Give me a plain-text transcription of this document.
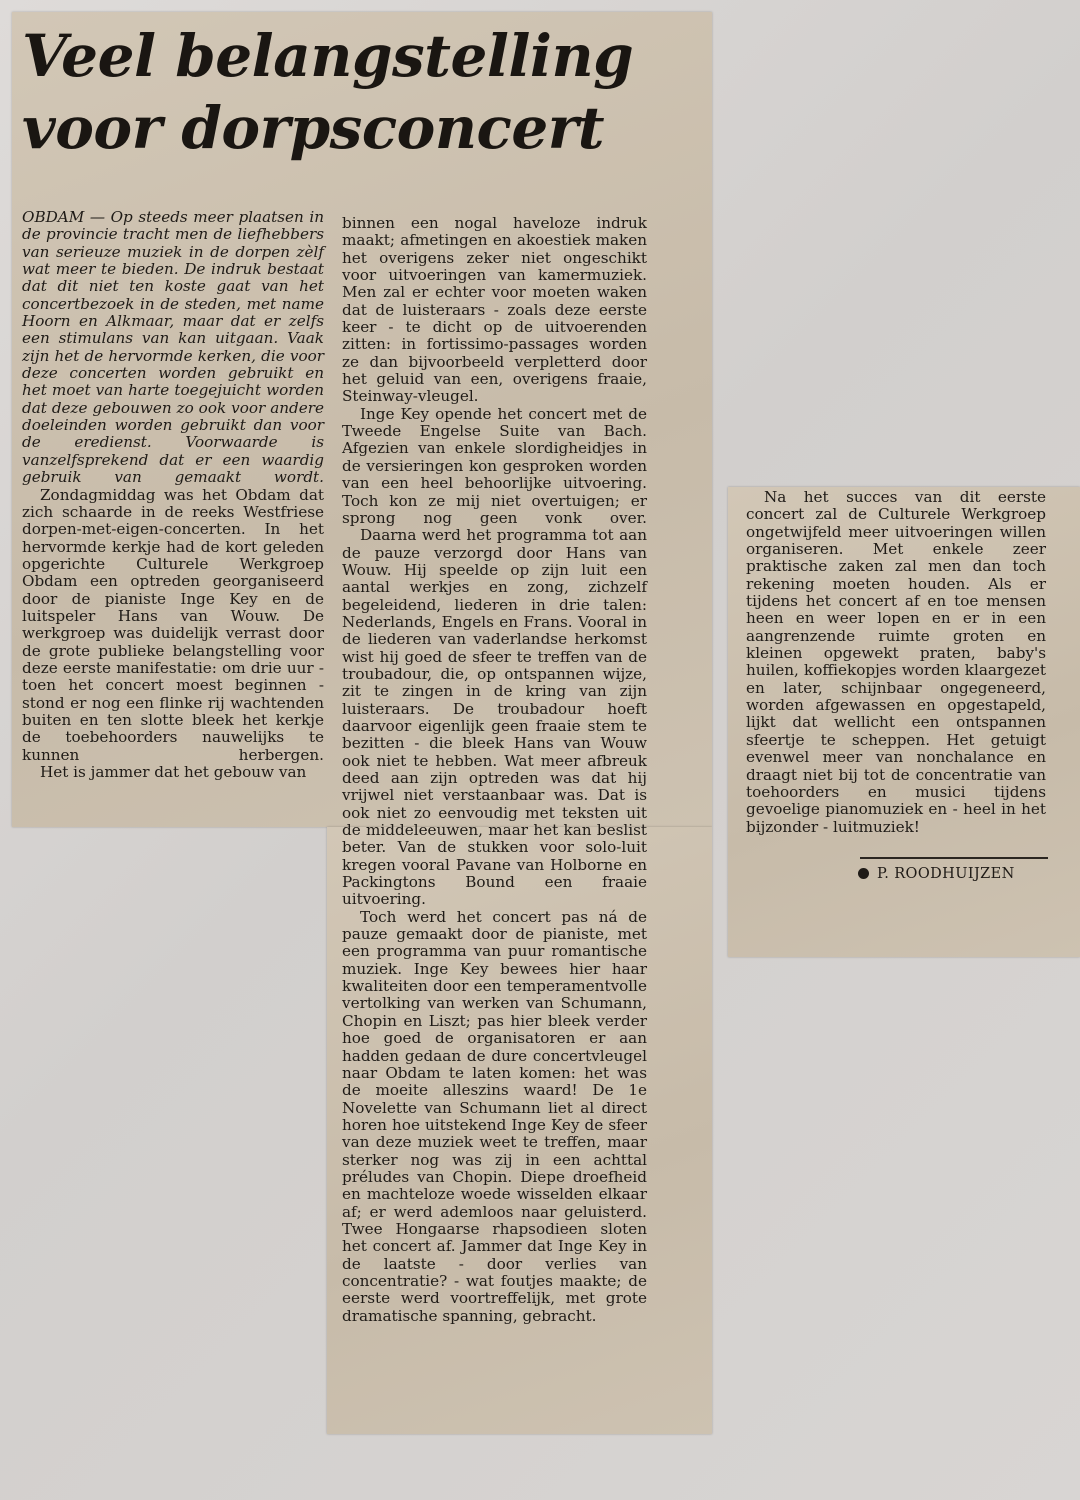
Veel belangstelling
voor dorpsconcert

OBDAM — Op steeds meer plaatsen in de provincie tracht men de liefhebbers van serieuze muziek in de dorpen zèlf wat meer te bieden. De indruk bestaat dat dit niet ten koste gaat van het concertbezoek in de steden, met name Hoorn en Alkmaar, maar dat er zelfs een stimulans van kan uitgaan. Vaak zijn het de hervormde kerken, die voor deze concerten worden gebruikt en het moet van harte toegejuicht worden dat deze gebouwen zo ook voor andere doeleinden worden gebruikt dan voor de eredienst. Voorwaarde is vanzelfsprekend dat er een waardig gebruik van gemaakt wordt.

Zondagmiddag was het Obdam dat zich schaarde in de reeks Westfriese dorpen-met-eigen-concerten. In het hervormde kerkje had de kort geleden opgerichte Culturele Werkgroep Obdam een optreden georganiseerd door de pianiste Inge Key en de luitspeler Hans van Wouw. De werkgroep was duidelijk verrast door de grote publieke belangstelling voor deze eerste manifestatie: om drie uur - toen het concert moest beginnen - stond er nog een flinke rij wachtenden buiten en ten slotte bleek het kerkje de toebehoorders nauwelijks te kunnen herbergen.

Het is jammer dat het gebouw van

binnen een nogal haveloze indruk maakt; afmetingen en akoestiek maken het overigens zeker niet ongeschikt voor uitvoeringen van kamermuziek. Men zal er echter voor moeten waken dat de luisteraars - zoals deze eerste keer - te dicht op de uitvoerenden zitten: in fortissimo-passages worden ze dan bijvoorbeeld verpletterd door het geluid van een, overigens fraaie, Steinway-vleugel.

Inge Key opende het concert met de Tweede Engelse Suite van Bach. Afgezien van enkele slordigheidjes in de versieringen kon gesproken worden van een heel behoorlijke uitvoering. Toch kon ze mij niet overtuigen; er sprong nog geen vonk over.

Daarna werd het programma tot aan de pauze verzorgd door Hans van Wouw. Hij speelde op zijn luit een aantal werkjes en zong, zichzelf begeleidend, liederen in drie talen: Nederlands, Engels en Frans. Vooral in de liederen van vaderlandse herkomst wist hij goed de sfeer te treffen van de troubadour, die, op ontspannen wijze, zit te zingen in de kring van zijn luisteraars. De troubadour hoeft daarvoor eigenlijk geen fraaie stem te bezitten - die bleek Hans van Wouw ook niet te hebben. Wat meer afbreuk deed aan zijn optreden was dat hij vrijwel niet verstaanbaar was. Dat is ook niet zo eenvoudig met teksten uit de middeleeuwen, maar het kan beslist beter. Van de stukken voor solo-luit kregen vooral Pavane van Holborne en Packingtons Bound een fraaie uitvoering.

Toch werd het concert pas ná de pauze gemaakt door de pianiste, met een programma van puur romantische muziek. Inge Key bewees hier haar kwaliteiten door een temperamentvolle vertolking van werken van Schumann, Chopin en Liszt; pas hier bleek verder hoe goed de organisatoren er aan hadden gedaan de dure concertvleugel naar Obdam te laten komen: het was de moeite alleszins waard! De 1e Novelette van Schumann liet al direct horen hoe uitstekend Inge Key de sfeer van deze muziek weet te treffen, maar sterker nog was zij in een achttal préludes van Chopin. Diepe droefheid en machteloze woede wisselden elkaar af; er werd ademloos naar geluisterd. Twee Hongaarse rhapsodieen sloten het concert af. Jammer dat Inge Key in de laatste - door verlies van concentratie? - wat foutjes maakte; de eerste werd voortreffelijk, met grote dramatische spanning, gebracht.

Na het succes van dit eerste concert zal de Culturele Werkgroep ongetwijfeld meer uitvoeringen willen organiseren. Met enkele zeer praktische zaken zal men dan toch rekening moeten houden. Als er tijdens het concert af en toe mensen heen en weer lopen en er in een aangrenzende ruimte groten en kleinen opgewekt praten, baby's huilen, koffiekopjes worden klaargezet en later, schijnbaar ongegeneerd, worden afgewassen en opgestapeld, lijkt dat wellicht een ontspannen sfeertje te scheppen. Het getuigt evenwel meer van nonchalance en draagt niet bij tot de concentratie van toehoorders en musici tijdens gevoelige pianomuziek en - heel in het bijzonder - luitmuziek!

P. ROODHUIJZEN
